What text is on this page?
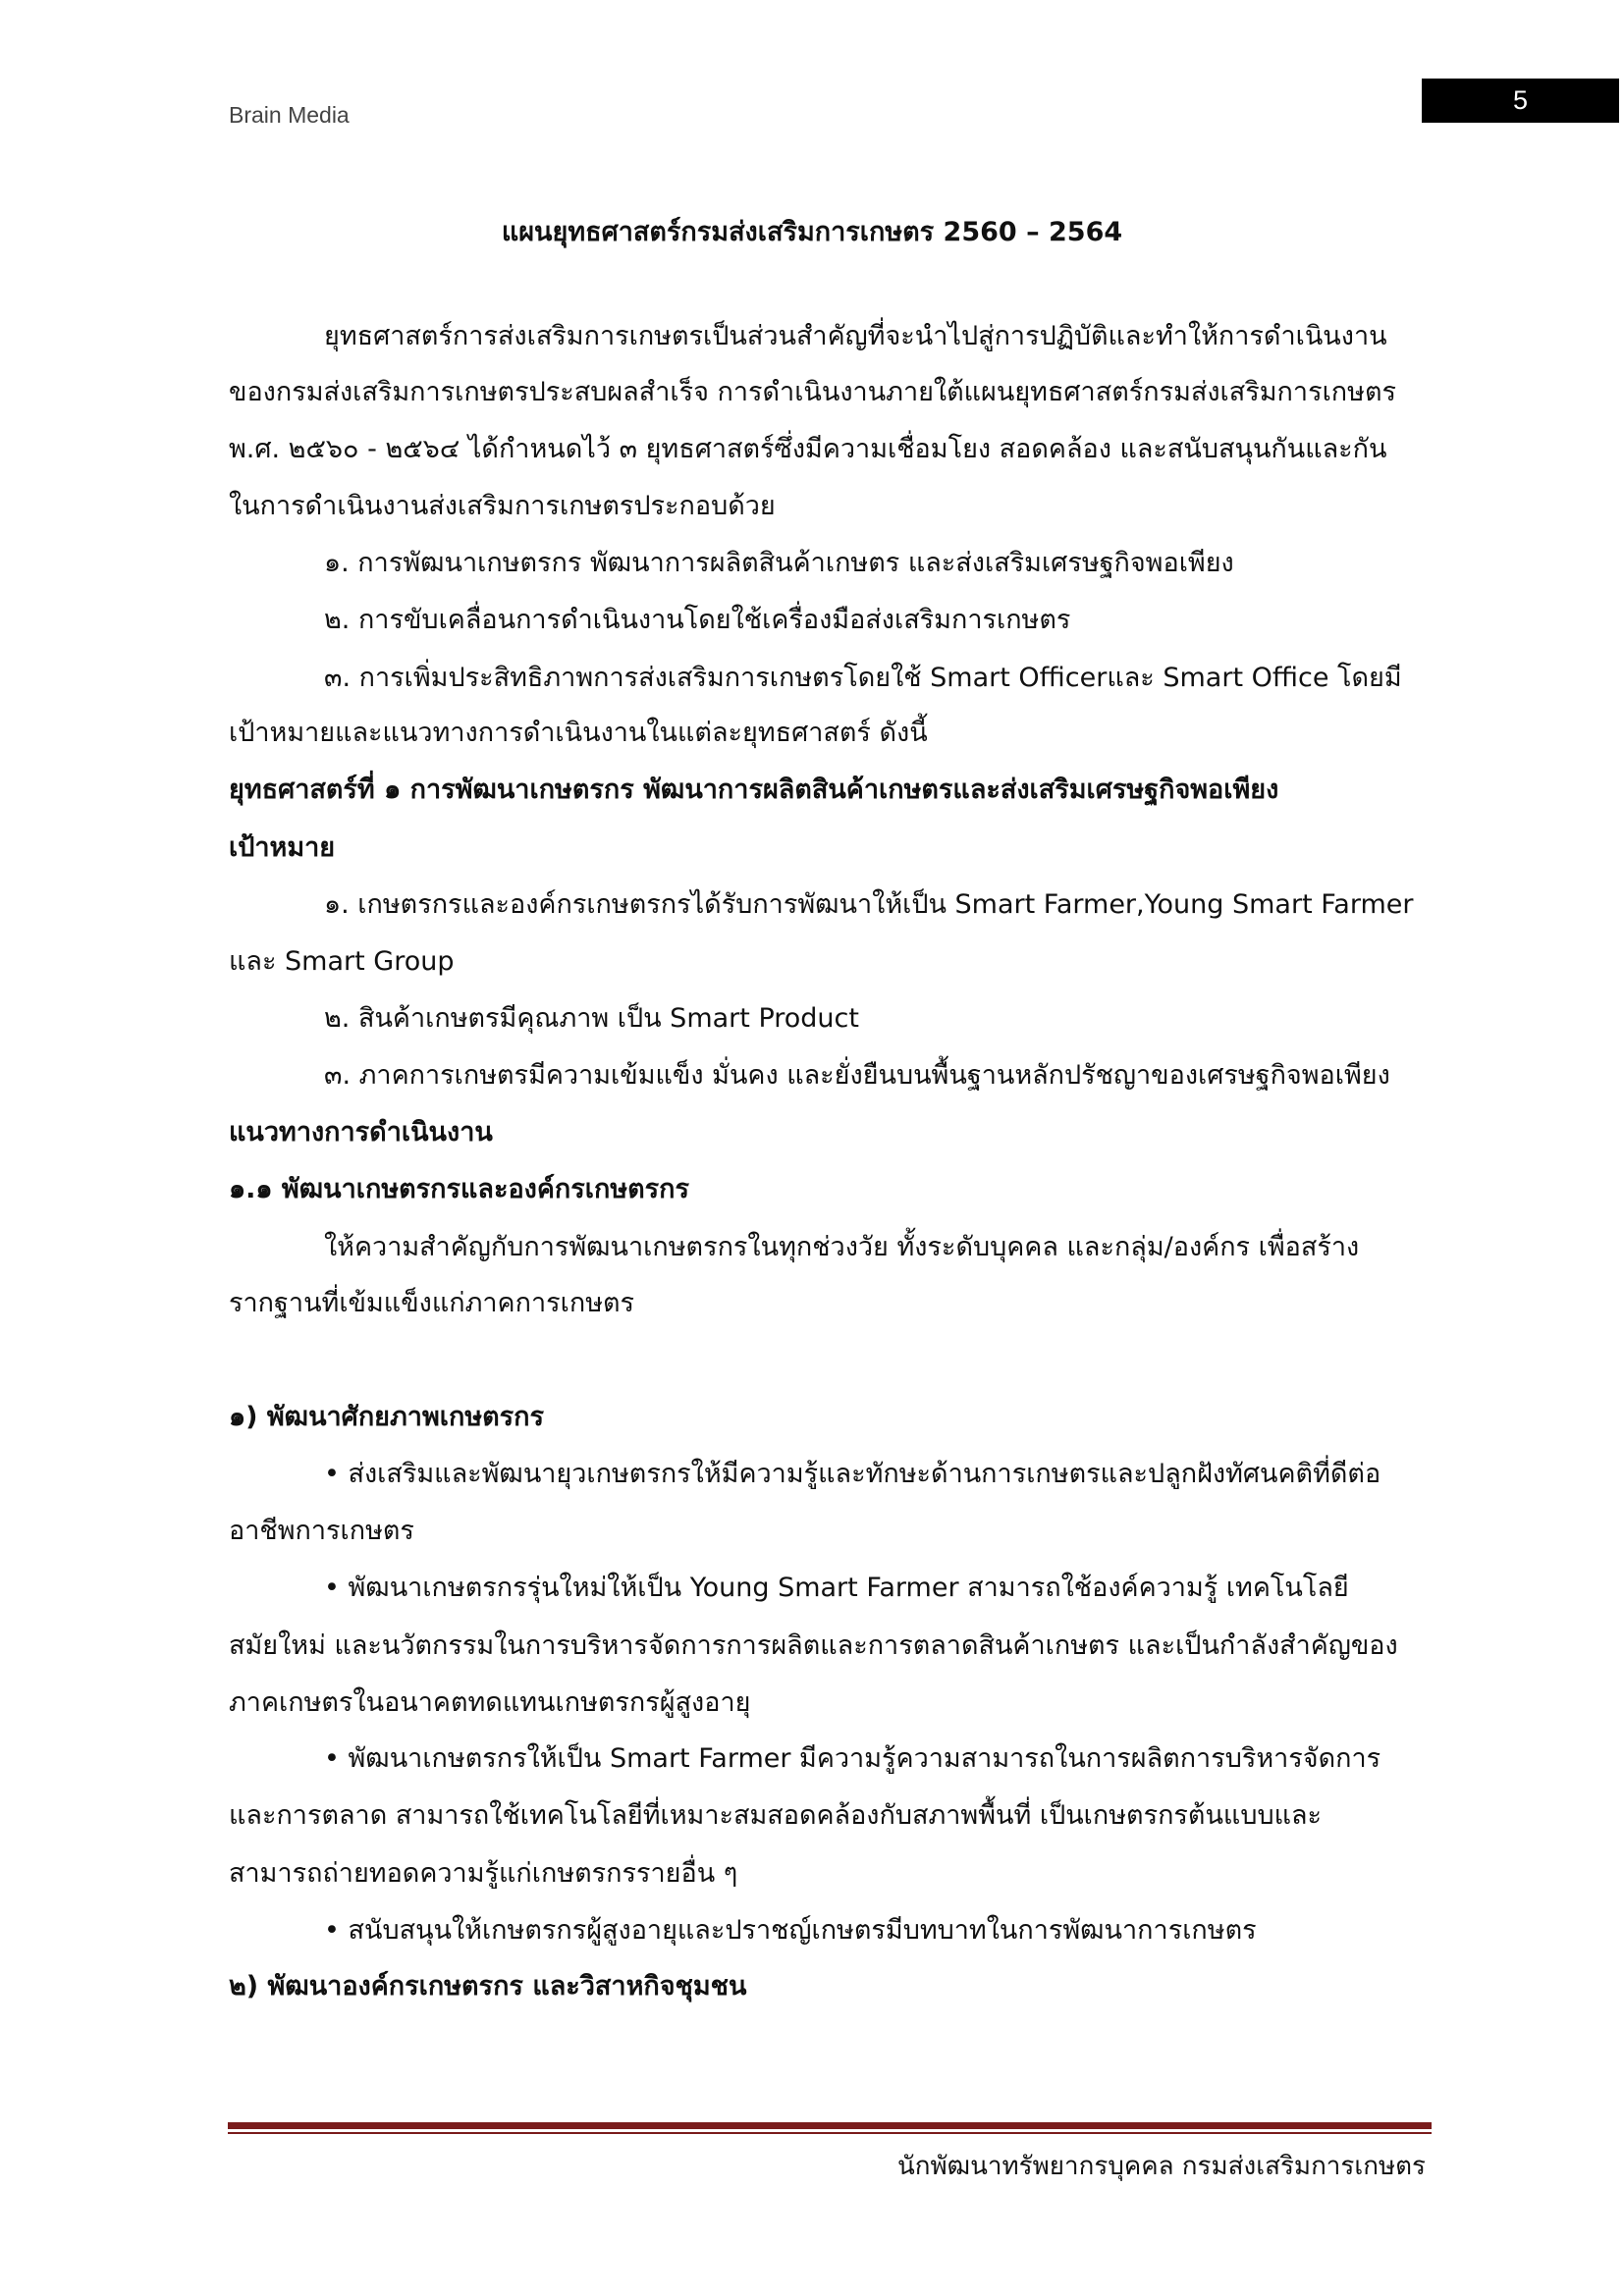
Brain Media	5
แผนยุทธศาสตร์กรมส่งเสริมการเกษตร 2560 – 2564
ยุทธศาสตร์การส่งเสริมการเกษตรเป็นส่วนสำคัญที่จะนำไปสู่การปฏิบัติและทำให้การดำเนินงาน
ของกรมส่งเสริมการเกษตรประสบผลสำเร็จ การดำเนินงานภายใต้แผนยุทธศาสตร์กรมส่งเสริมการเกษตร
พ.ศ. ๒๕๖๐ - ๒๕๖๔ ได้กำหนดไว้ ๓ ยุทธศาสตร์ซึ่งมีความเชื่อมโยง สอดคล้อง และสนับสนุนกันและกัน
ในการดำเนินงานส่งเสริมการเกษตรประกอบด้วย
๑. การพัฒนาเกษตรกร พัฒนาการผลิตสินค้าเกษตร และส่งเสริมเศรษฐกิจพอเพียง
๒. การขับเคลื่อนการดำเนินงานโดยใช้เครื่องมือส่งเสริมการเกษตร
๓. การเพิ่มประสิทธิภาพการส่งเสริมการเกษตรโดยใช้ Smart Officerและ Smart Office โดยมี
เป้าหมายและแนวทางการดำเนินงานในแต่ละยุทธศาสตร์ ดังนี้
ยุทธศาสตร์ที่ ๑ การพัฒนาเกษตรกร พัฒนาการผลิตสินค้าเกษตรและส่งเสริมเศรษฐกิจพอเพียง
เป้าหมาย
๑. เกษตรกรและองค์กรเกษตรกรได้รับการพัฒนาให้เป็น Smart Farmer,Young Smart Farmer
และ Smart Group
๒. สินค้าเกษตรมีคุณภาพ เป็น Smart Product
๓. ภาคการเกษตรมีความเข้มแข็ง มั่นคง และยั่งยืนบนพื้นฐานหลักปรัชญาของเศรษฐกิจพอเพียง
แนวทางการดำเนินงาน
๑.๑ พัฒนาเกษตรกรและองค์กรเกษตรกร
ให้ความสำคัญกับการพัฒนาเกษตรกรในทุกช่วงวัย ทั้งระดับบุคคล และกลุ่ม/องค์กร เพื่อสร้าง
รากฐานที่เข้มแข็งแก่ภาคการเกษตร
๑) พัฒนาศักยภาพเกษตรกร
• ส่งเสริมและพัฒนายุวเกษตรกรให้มีความรู้และทักษะด้านการเกษตรและปลูกฝังทัศนคติที่ดีต่อ
อาชีพการเกษตร
• พัฒนาเกษตรกรรุ่นใหม่ให้เป็น Young Smart Farmer สามารถใช้องค์ความรู้ เทคโนโลยี
สมัยใหม่ และนวัตกรรมในการบริหารจัดการการผลิตและการตลาดสินค้าเกษตร และเป็นกำลังสำคัญของ
ภาคเกษตรในอนาคตทดแทนเกษตรกรผู้สูงอายุ
• พัฒนาเกษตรกรให้เป็น Smart Farmer มีความรู้ความสามารถในการผลิตการบริหารจัดการ
และการตลาด สามารถใช้เทคโนโลยีที่เหมาะสมสอดคล้องกับสภาพพื้นที่ เป็นเกษตรกรต้นแบบและ
สามารถถ่ายทอดความรู้แก่เกษตรกรรายอื่น ๆ
• สนับสนุนให้เกษตรกรผู้สูงอายุและปราชญ์เกษตรมีบทบาทในการพัฒนาการเกษตร
๒) พัฒนาองค์กรเกษตรกร และวิสาหกิจชุมชน
นักพัฒนาทรัพยากรบุคคล กรมส่งเสริมการเกษตร
